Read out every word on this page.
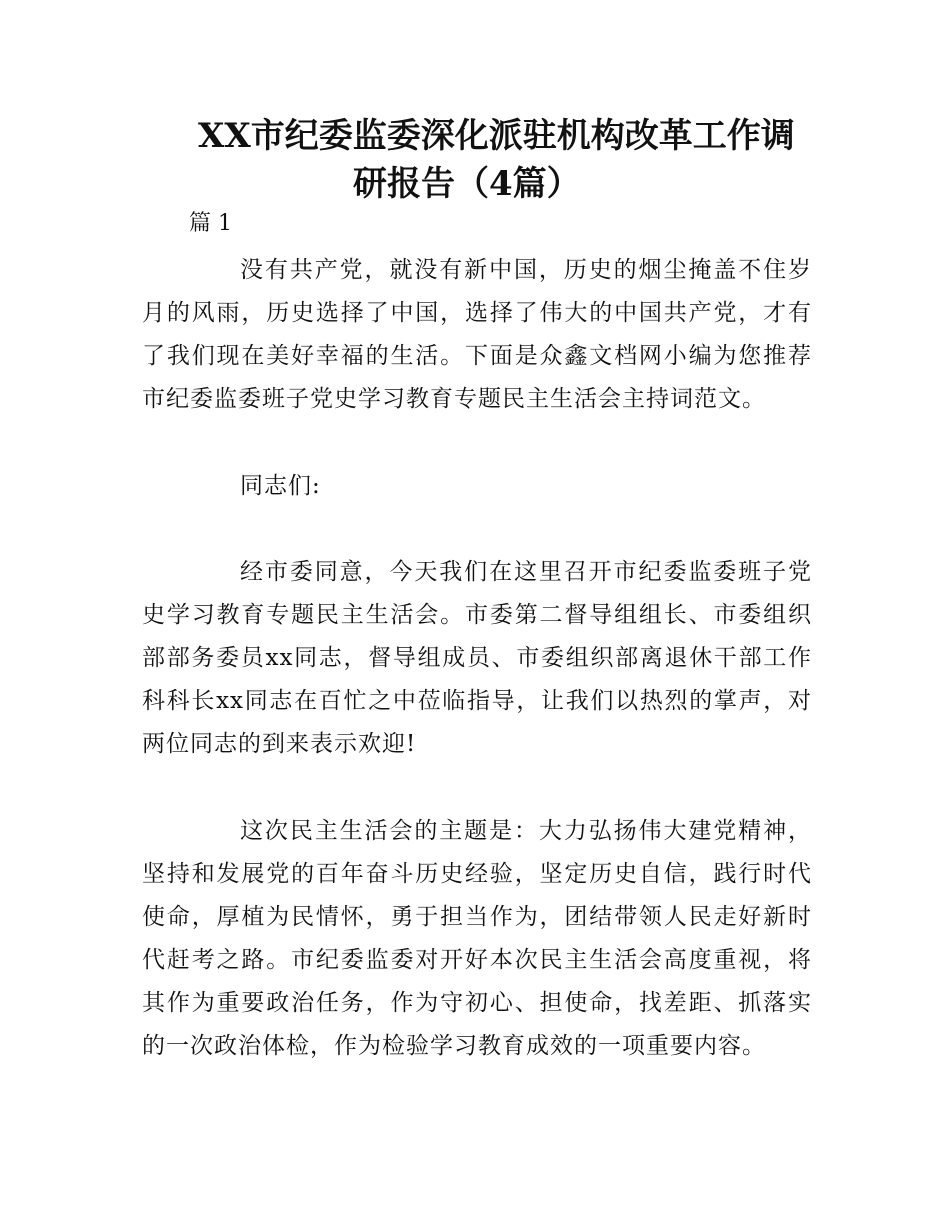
XX市纪委监委深化派驻机构改革工作调
研报告（4篇）
篇 1

没有共产党，就没有新中国，历史的烟尘掩盖不住岁月的风雨，历史选择了中国，选择了伟大的中国共产党，才有了我们现在美好幸福的生活。下面是众鑫文档网小编为您推荐市纪委监委班子党史学习教育专题民主生活会主持词范文。

同志们:

经市委同意，今天我们在这里召开市纪委监委班子党史学习教育专题民主生活会。市委第二督导组组长、市委组织部部务委员xx同志，督导组成员、市委组织部离退休干部工作科科长xx同志在百忙之中莅临指导，让我们以热烈的掌声，对两位同志的到来表示欢迎!

这次民主生活会的主题是：大力弘扬伟大建党精神，坚持和发展党的百年奋斗历史经验，坚定历史自信，践行时代使命，厚植为民情怀，勇于担当作为，团结带领人民走好新时代赶考之路。市纪委监委对开好本次民主生活会高度重视，将其作为重要政治任务，作为守初心、担使命，找差距、抓落实的一次政治体检，作为检验学习教育成效的一项重要内容。
